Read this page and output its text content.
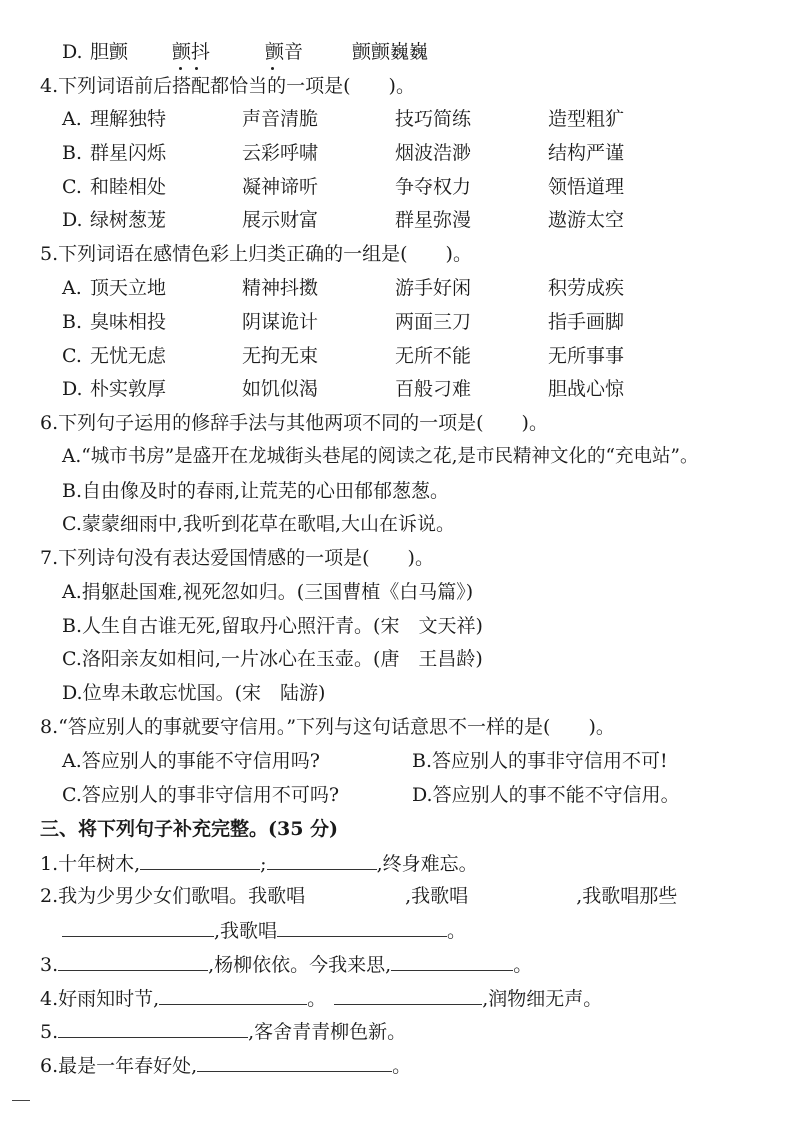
D. 胆颤 颤抖	颤音	颤颤巍巍
4.下列词语前后搭配都恰当的一项是(　　)。
A. 理解独特	声音清脆	技巧简练	造型粗犷
B. 群星闪烁	云彩呼啸	烟波浩渺	结构严谨
C. 和睦相处	凝神谛听	争夺权力	领悟道理
D. 绿树葱茏	展示财富	群星弥漫	遨游太空
5.下列词语在感情色彩上归类正确的一组是(　　)。
A. 顶天立地	精神抖擞	游手好闲	积劳成疾
B. 臭味相投	阴谋诡计	两面三刀	指手画脚
C. 无忧无虑	无拘无束	无所不能	无所事事
D. 朴实敦厚	如饥似渴	百般刁难	胆战心惊
6.下列句子运用的修辞手法与其他两项不同的一项是(　　)。
A.“城市书房”是盛开在龙城街头巷尾的阅读之花,是市民精神文化的“充电站”。
B.自由像及时的春雨,让荒芜的心田郁郁葱葱。
C.蒙蒙细雨中,我听到花草在歌唱,大山在诉说。
7.下列诗句没有表达爱国情感的一项是(　　)。
A.捐躯赴国难,视死忽如归。(三国曹植《白马篇》)
B.人生自古谁无死,留取丹心照汗青。(宋　文天祥)
C.洛阳亲友如相问,一片冰心在玉壶。(唐　王昌龄)
D.位卑未敢忘忧国。(宋　陆游)
8.“答应别人的事就要守信用。”下列与这句话意思不一样的是(　　)。
A.答应别人的事能不守信用吗?	B.答应别人的事非守信用不可!
C.答应别人的事非守信用不可吗?	D.答应别人的事不能不守信用。
三、将下列句子补充完整。(35 分)
1.十年树木,	;	,终身难忘。
2.我为少男少女们歌唱。我歌唱	,我歌唱	,我歌唱那些
,我歌唱	。
3.	,杨柳依依。今我来思,	。
4.好雨知时节,	。	,润物细无声。
5.	,客舍青青柳色新。
6.最是一年春好处,	。
